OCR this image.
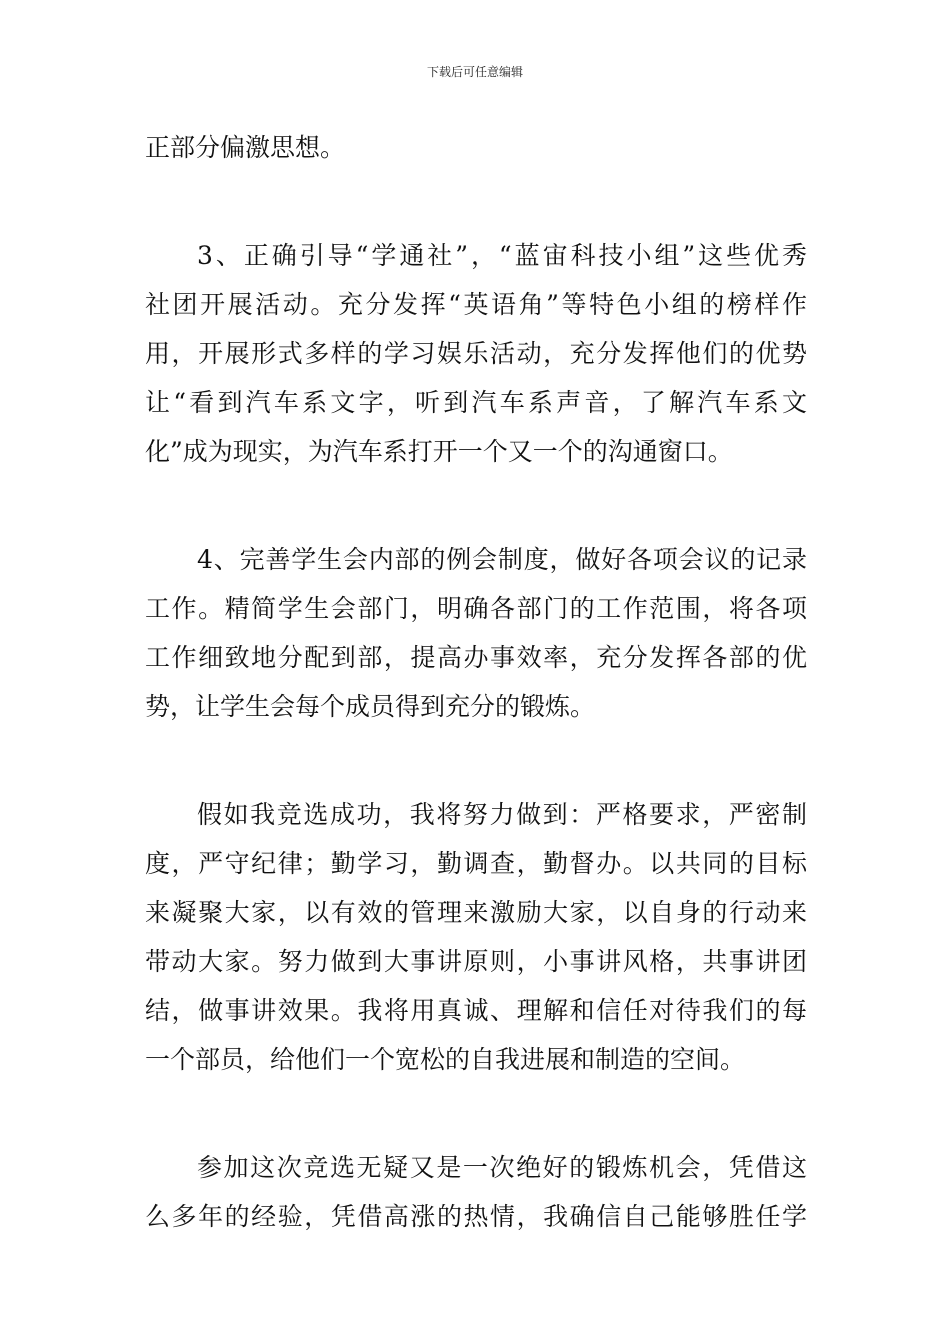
下载后可任意编辑
正部分偏激思想。
3、正确引导“学通社”，“蓝宙科技小组”这些优秀
社团开展活动。充分发挥“英语角”等特色小组的榜样作
用，开展形式多样的学习娱乐活动，充分发挥他们的优势
让“看到汽车系文字，听到汽车系声音，了解汽车系文
化”成为现实，为汽车系打开一个又一个的沟通窗口。
4、完善学生会内部的例会制度，做好各项会议的记录
工作。精简学生会部门，明确各部门的工作范围，将各项
工作细致地分配到部，提高办事效率，充分发挥各部的优
势，让学生会每个成员得到充分的锻炼。
假如我竞选成功，我将努力做到：严格要求，严密制
度，严守纪律；勤学习，勤调查，勤督办。以共同的目标
来凝聚大家，以有效的管理来激励大家，以自身的行动来
带动大家。努力做到大事讲原则，小事讲风格，共事讲团
结，做事讲效果。我将用真诚、理解和信任对待我们的每
一个部员，给他们一个宽松的自我进展和制造的空间。
参加这次竞选无疑又是一次绝好的锻炼机会，凭借这
么多年的经验，凭借高涨的热情，我确信自己能够胜任学
